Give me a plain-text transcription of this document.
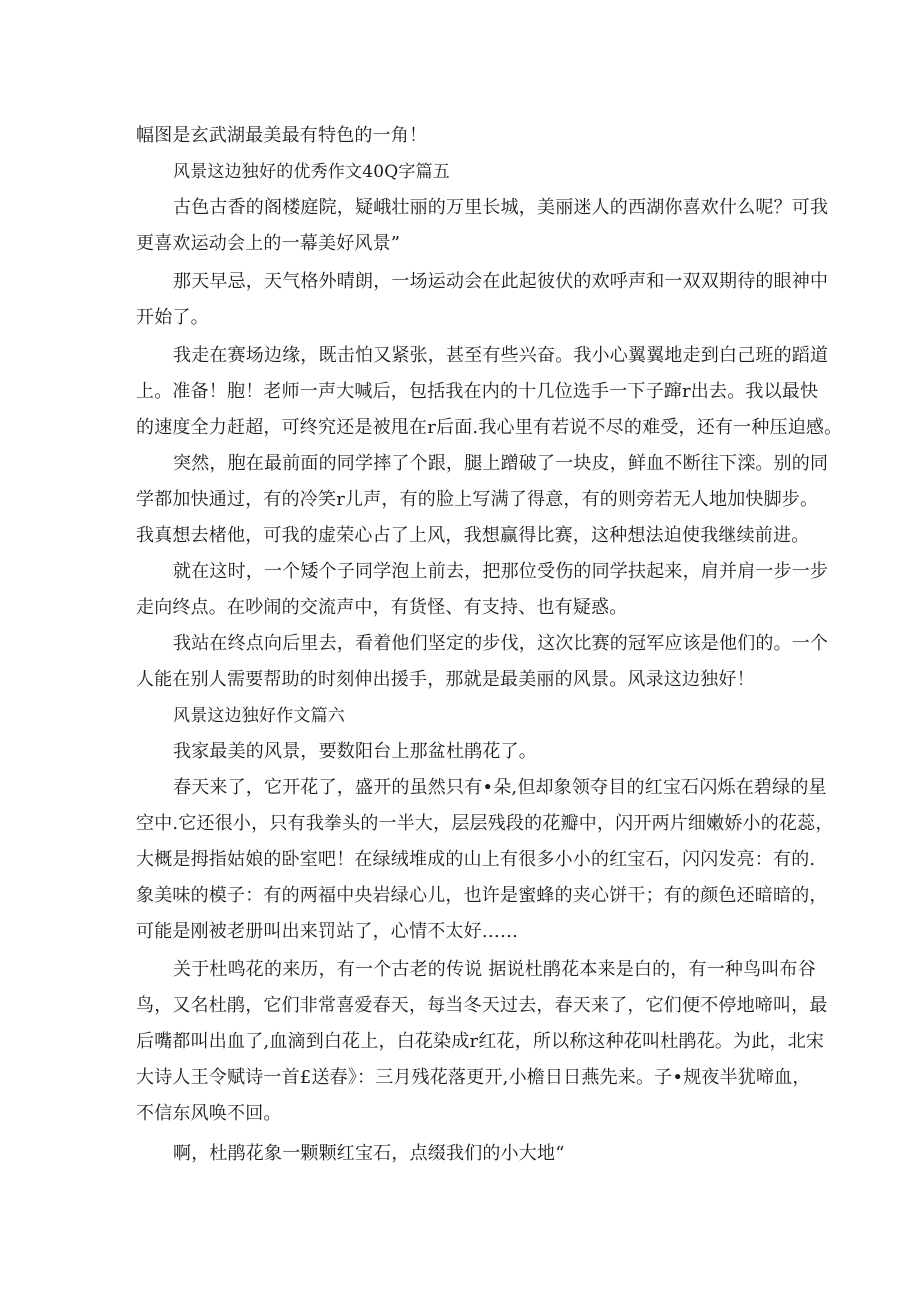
幅图是玄武湖最美最有特色的一角！
风景这边独好的优秀作文40Q字篇五
古色古香的阁楼庭院，疑峨壮丽的万里长城，美丽迷人的西湖你喜欢什么呢？可我
更喜欢运动会上的一幕美好风景”
那天早忌，天气格外晴朗，一场运动会在此起彼伏的欢呼声和一双双期待的眼神中
开始了。
我走在赛场边缘，既击怕又紧张，甚至有些兴奋。我小心翼翼地走到白己班的蹈道
上。准备！胞！老师一声大喊后，包括我在内的十几位选手一下子蹿r出去。我以最快
的速度全力赶超，可终究还是被甩在r后面.我心里有若说不尽的难受，还有一种压迫感。
突然，胞在最前面的同学摔了个跟，腿上蹭破了一块皮，鲜血不断往下滦。别的同
学都加快通过，有的冷笑r儿声，有的脸上写满了得意，有的则旁若无人地加快脚步。
我真想去楮他，可我的虚荣心占了上风，我想赢得比赛，这种想法迫使我继续前进。
就在这时，一个矮个子同学泡上前去，把那位受伤的同学扶起来，肩并肩一步一步
走向终点。在吵闹的交流声中，有货怪、有支持、也有疑惑。
我站在终点向后里去，看着他们坚定的步伐，这次比赛的冠军应该是他们的。一个
人能在别人需要帮助的时刻伸出援手，那就是最美丽的风景。风录这边独好！
风景这边独好作文篇六
我家最美的风景，要数阳台上那盆杜鹃花了。
春天来了，它开花了，盛开的虽然只有•朵,但却象领夺目的红宝石闪烁在碧绿的星
空中.它还很小，只有我拳头的一半大，层层残段的花瓣中，闪开两片细嫩娇小的花蕊，
大概是拇指姑娘的卧室吧！在绿绒堆成的山上有很多小小的红宝石，闪闪发亮：有的.
象美味的模子：有的两福中央岩绿心儿，也许是蜜蜂的夹心饼干；有的颜色还暗暗的，
可能是刚被老册叫出来罚站了，心情不太好……
关于杜鸣花的来历，有一个古老的传说 据说杜鹃花本来是白的，有一种鸟叫布谷
鸟，又名杜鹃，它们非常喜爱春天，每当冬天过去，春天来了，它们便不停地啼叫，最
后嘴都叫出血了,血滴到白花上，白花染成r红花，所以称这种花叫杜鹃花。为此，北宋
大诗人王令赋诗一首£送春》：三月残花落更开,小檐日日燕先来。子•规夜半犹啼血，
不信东风唤不回。
啊，杜鹃花象一颗颗红宝石，点缀我们的小大地“
